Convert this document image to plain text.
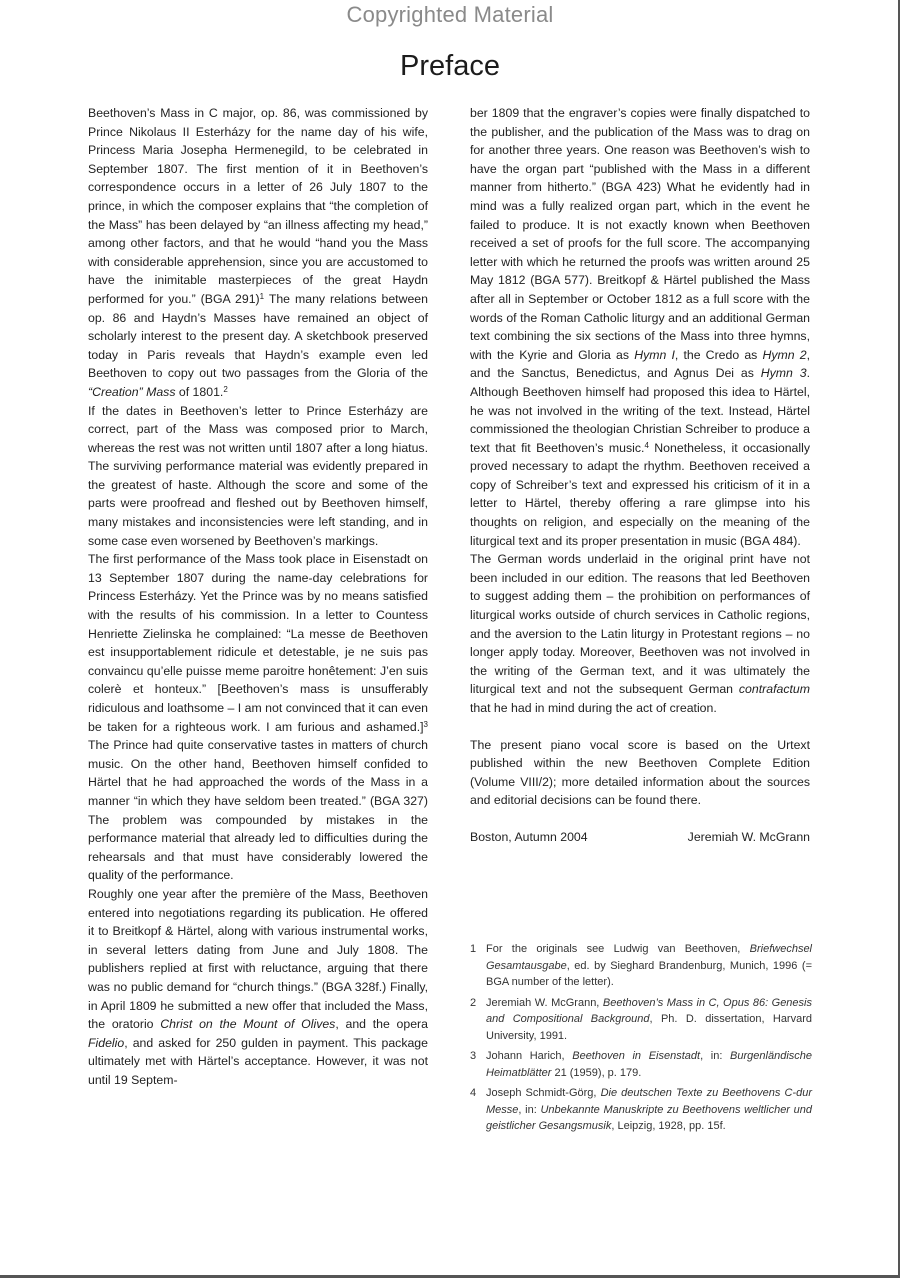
Copyrighted Material
Preface

Beethoven’s Mass in C major, op. 86, was commissioned by Prince Nikolaus II Esterházy for the name day of his wife, Princess Maria Josepha Hermenegild, to be celebrated in September 1807. The first mention of it in Beethoven’s correspondence occurs in a letter of 26 July 1807 to the prince, in which the composer explains that “the completion of the Mass” has been delayed by “an illness affecting my head,” among other factors, and that he would “hand you the Mass with considerable apprehension, since you are accustomed to have the inimitable masterpieces of the great Haydn performed for you.” (BGA 291)$^1$ The many relations between op. 86 and Haydn’s Masses have remained an object of scholarly interest to the present day. A sketchbook preserved today in Paris reveals that Haydn’s example even led Beethoven to copy out two passages from the Gloria of the “Creation” Mass of 1801.$^2$

If the dates in Beethoven’s letter to Prince Esterházy are correct, part of the Mass was composed prior to March, whereas the rest was not written until 1807 after a long hiatus. The surviving performance material was evidently prepared in the greatest of haste. Although the score and some of the parts were proofread and fleshed out by Beethoven himself, many mistakes and inconsistencies were left standing, and in some case even worsened by Beethoven’s markings.

The first performance of the Mass took place in Eisenstadt on 13 September 1807 during the name-day celebrations for Princess Esterházy. Yet the Prince was by no means satisfied with the results of his commission. In a letter to Countess Henriette Zielinska he complained: “La messe de Beethoven est insupportablement ridicule et detestable, je ne suis pas convaincu qu’elle puisse meme paroitre honêtement: J’en suis colerè et honteux.” [Beethoven’s mass is unsufferably ridiculous and loathsome – I am not convinced that it can even be taken for a righteous work. I am furious and ashamed.]$^3$ The Prince had quite conservative tastes in matters of church music. On the other hand, Beethoven himself confided to Härtel that he had approached the words of the Mass in a manner “in which they have seldom been treated.” (BGA 327) The problem was compounded by mistakes in the performance material that already led to difficulties during the rehearsals and that must have considerably lowered the quality of the performance.

Roughly one year after the première of the Mass, Beethoven entered into negotiations regarding its publication. He offered it to Breitkopf & Härtel, along with various instrumental works, in several letters dating from June and July 1808. The publishers replied at first with reluctance, arguing that there was no public demand for “church things.” (BGA 328f.) Finally, in April 1809 he submitted a new offer that included the Mass, the oratorio Christ on the Mount of Olives, and the opera Fidelio, and asked for 250 gulden in payment. This package ultimately met with Härtel’s acceptance. However, it was not until 19 Septem-

ber 1809 that the engraver’s copies were finally dispatched to the publisher, and the publication of the Mass was to drag on for another three years. One reason was Beethoven’s wish to have the organ part “published with the Mass in a different manner from hitherto.” (BGA 423) What he evidently had in mind was a fully realized organ part, which in the event he failed to produce. It is not exactly known when Beethoven received a set of proofs for the full score. The accompanying letter with which he returned the proofs was written around 25 May 1812 (BGA 577). Breitkopf & Härtel published the Mass after all in September or October 1812 as a full score with the words of the Roman Catholic liturgy and an additional German text combining the six sections of the Mass into three hymns, with the Kyrie and Gloria as Hymn I, the Credo as Hymn 2, and the Sanctus, Benedictus, and Agnus Dei as Hymn 3. Although Beethoven himself had proposed this idea to Härtel, he was not involved in the writing of the text. Instead, Härtel commissioned the theologian Christian Schreiber to produce a text that fit Beethoven’s music.$^4$ Nonetheless, it occasionally proved necessary to adapt the rhythm. Beethoven received a copy of Schreiber’s text and expressed his criticism of it in a letter to Härtel, thereby offering a rare glimpse into his thoughts on religion, and especially on the meaning of the liturgical text and its proper presentation in music (BGA 484).

The German words underlaid in the original print have not been included in our edition. The reasons that led Beethoven to suggest adding them – the prohibition on performances of liturgical works outside of church services in Catholic regions, and the aversion to the Latin liturgy in Protestant regions – no longer apply today. Moreover, Beethoven was not involved in the writing of the German text, and it was ultimately the liturgical text and not the subsequent German contrafactum that he had in mind during the act of creation.

The present piano vocal score is based on the Urtext published within the new Beethoven Complete Edition (Volume VIII/2); more detailed information about the sources and editorial decisions can be found there.

Boston, Autumn 2004	Jeremiah W. McGrann
1 For the originals see Ludwig van Beethoven, Briefwechsel Gesamtausgabe, ed. by Sieghard Brandenburg, Munich, 1996 (= BGA number of the letter).
2 Jeremiah W. McGrann, Beethoven’s Mass in C, Opus 86: Genesis and Compositional Background, Ph. D. dissertation, Harvard University, 1991.
3 Johann Harich, Beethoven in Eisenstadt, in: Burgenländische Heimatblätter 21 (1959), p. 179.
4 Joseph Schmidt-Görg, Die deutschen Texte zu Beethovens C-dur Messe, in: Unbekannte Manuskripte zu Beethovens weltlicher und geistlicher Gesangsmusik, Leipzig, 1928, pp. 15f.
